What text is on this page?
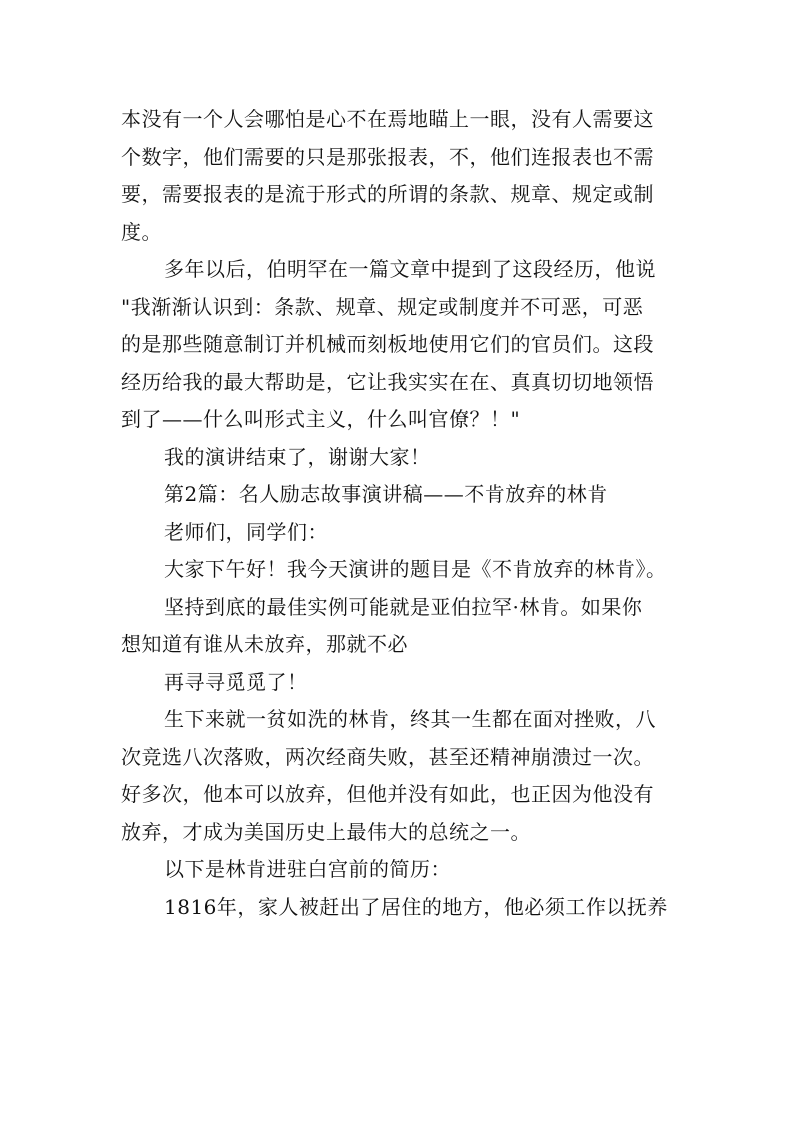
本没有一个人会哪怕是心不在焉地瞄上一眼，没有人需要这
个数字，他们需要的只是那张报表，不，他们连报表也不需
要，需要报表的是流于形式的所谓的条款、规章、规定或制
度。
多年以后，伯明罕在一篇文章中提到了这段经历，他说
"我渐渐认识到：条款、规章、规定或制度并不可恶，可恶
的是那些随意制订并机械而刻板地使用它们的官员们。这段
经历给我的最大帮助是，它让我实实在在、真真切切地领悟
到了——什么叫形式主义，什么叫官僚？！"
我的演讲结束了，谢谢大家！
第2篇：名人励志故事演讲稿——不肯放弃的林肯
老师们，同学们：
大家下午好！我今天演讲的题目是《不肯放弃的林肯》。
坚持到底的最佳实例可能就是亚伯拉罕·林肯。如果你
想知道有谁从未放弃，那就不必
再寻寻觅觅了！
生下来就一贫如洗的林肯，终其一生都在面对挫败，八
次竞选八次落败，两次经商失败，甚至还精神崩溃过一次。
好多次，他本可以放弃，但他并没有如此，也正因为他没有
放弃，才成为美国历史上最伟大的总统之一。
以下是林肯进驻白宫前的简历：
1816年，家人被赶出了居住的地方，他必须工作以抚养
